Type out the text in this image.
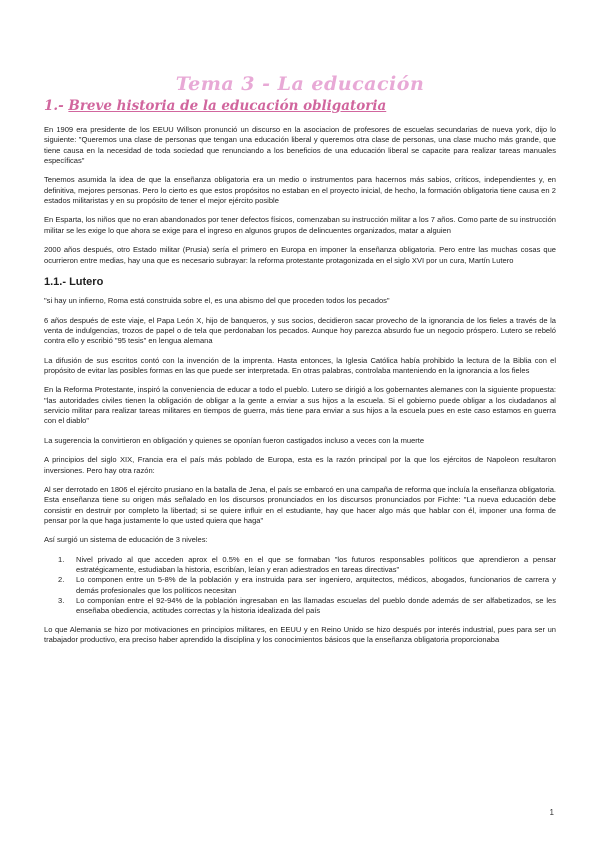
Tema 3 - La educación
1.- Breve historia de la educación obligatoria

En 1909 era presidente de los EEUU Willson pronunció un discurso en la asociacion de profesores de escuelas secundarias de nueva york, dijo lo siguiente: "Queremos una clase de personas que tengan una educación liberal y queremos otra clase de personas, una clase mucho más grande, que tiene causa en la necesidad de toda sociedad que renunciando a los beneficios de una educación liberal se capacite para realizar tareas manuales específicas"

Tenemos asumida la idea de que la enseñanza obligatoria era un medio o instrumentos para hacernos más sabios, críticos, independientes y, en definitiva, mejores personas. Pero lo cierto es que estos propósitos no estaban en el proyecto inicial, de hecho, la formación obligatoria tiene causa en 2 estados militaristas y en su propósito de tener el mejor ejército posible

En Esparta, los niños que no eran abandonados por tener defectos físicos, comenzaban su instrucción militar a los 7 años. Como parte de su instrucción militar se les exige lo que ahora se exige para el ingreso en algunos grupos de delincuentes organizados, matar a alguien

2000 años después, otro Estado militar (Prusia) sería el primero en Europa en imponer la enseñanza obligatoria. Pero entre las muchas cosas que ocurrieron entre medias, hay una que es necesario subrayar: la reforma protestante protagonizada en el siglo XVI por un cura, Martín Lutero

1.1.- Lutero

"si hay un infierno, Roma está construida sobre el, es una abismo del que proceden todos los pecados"

6 años después de este viaje, el Papa León X, hijo de banqueros, y sus socios, decidieron sacar provecho de la ignorancia de los fieles a través de la venta de indulgencias, trozos de papel o de tela que perdonaban los pecados. Aunque hoy parezca absurdo fue un negocio próspero. Lutero se rebeló contra ello y escribió "95 tesis" en lengua alemana

La difusión de sus escritos contó con la invención de la imprenta. Hasta entonces, la Iglesia Católica había prohibido la lectura de la Biblia con el propósito de evitar las posibles formas en las que puede ser interpretada. En otras palabras, controlaba manteniendo en la ignorancia a los fieles

En la Reforma Protestante, inspiró la conveniencia de educar a todo el pueblo. Lutero se dirigió a los gobernantes alemanes con la siguiente propuesta: "las autoridades civiles tienen la obligación de obligar a la gente a enviar a sus hijos a la escuela. Si el gobierno puede obligar a los ciudadanos al servicio militar para realizar tareas militares en tiempos de guerra, más tiene para enviar a sus hijos a la escuela pues en este caso estamos en guerra con el diablo"

La sugerencia la convirtieron en obligación y quienes se oponían fueron castigados incluso a veces con la muerte

A principios del siglo XIX, Francia era el país más poblado de Europa, esta es la razón principal por la que los ejércitos de Napoleon resultaron inversiones. Pero hay otra razón:

Al ser derrotado en 1806 el ejército prusiano en la batalla de Jena, el país se embarcó en una campaña de reforma que incluía la enseñanza obligatoria. Esta enseñanza tiene su origen más señalado en los discursos pronunciados en los discursos pronunciados por Fichte: "La nueva educación debe consistir en destruir por completo la libertad; si se quiere influir en el estudiante, hay que hacer algo más que hablar con él, imponer una forma de pensar por la que haga justamente lo que usted quiera que haga"

Así surgió un sistema de educación de 3 niveles:

1. Nivel privado al que acceden aprox el 0.5% en el que se formaban "los futuros responsables políticos que aprendieron a pensar estratégicamente, estudiaban la historia, escribían, leían y eran adiestrados en tareas directivas"
2. Lo componen entre un 5-8% de la población y era instruida para ser ingeniero, arquitectos, médicos, abogados, funcionarios de carrera y demás profesionales que los políticos necesitan
3. Lo componían entre el 92-94% de la población ingresaban en las llamadas escuelas del pueblo donde además de ser alfabetizados, se les enseñaba obediencia, actitudes correctas y la historia idealizada del país

Lo que Alemania se hizo por motivaciones en principios militares, en EEUU y en Reino Unido se hizo después por interés industrial, pues para ser un trabajador productivo, era preciso haber aprendido la disciplina y los conocimientos básicos que la enseñanza obligatoria proporcionaba

1
